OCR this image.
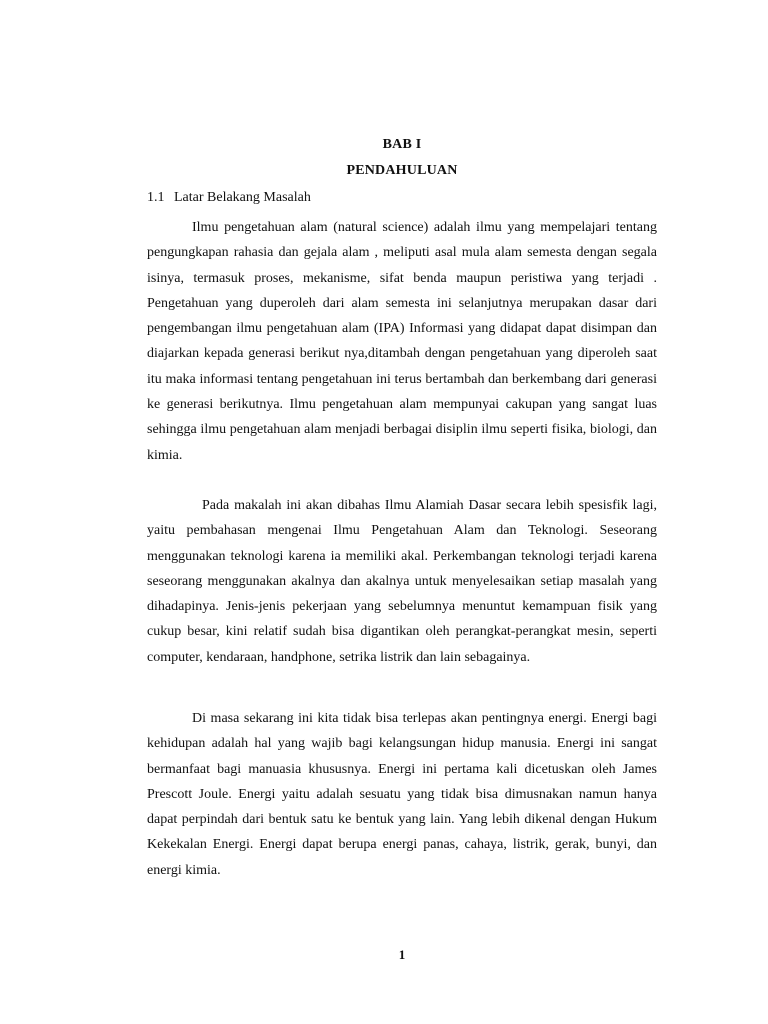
BAB I
PENDAHULUAN
1.1 Latar Belakang Masalah

Ilmu pengetahuan alam (natural science) adalah ilmu yang mempelajari tentang pengungkapan rahasia dan gejala alam , meliputi asal mula alam semesta dengan segala isinya, termasuk proses, mekanisme, sifat benda maupun peristiwa yang terjadi . Pengetahuan yang duperoleh dari alam semesta ini selanjutnya merupakan dasar dari pengembangan ilmu pengetahuan alam (IPA) Informasi yang didapat dapat disimpan dan diajarkan kepada generasi berikut nya,ditambah dengan pengetahuan yang diperoleh saat itu maka informasi tentang pengetahuan ini terus bertambah dan berkembang dari generasi ke generasi berikutnya. Ilmu pengetahuan alam mempunyai cakupan yang sangat luas sehingga ilmu pengetahuan alam menjadi berbagai disiplin ilmu seperti fisika, biologi, dan kimia.

Pada makalah ini akan dibahas Ilmu Alamiah Dasar secara lebih spesisfik lagi, yaitu pembahasan mengenai Ilmu Pengetahuan Alam dan Teknologi. Seseorang menggunakan teknologi karena ia memiliki akal. Perkembangan teknologi terjadi karena seseorang menggunakan akalnya dan akalnya untuk menyelesaikan setiap masalah yang dihadapinya. Jenis-jenis pekerjaan yang sebelumnya menuntut kemampuan fisik yang cukup besar, kini relatif sudah bisa digantikan oleh perangkat-perangkat mesin, seperti computer, kendaraan, handphone, setrika listrik dan lain sebagainya.

Di masa sekarang ini kita tidak bisa terlepas akan pentingnya energi. Energi bagi kehidupan adalah hal yang wajib bagi kelangsungan hidup manusia. Energi ini sangat bermanfaat bagi manuasia khususnya. Energi ini pertama kali dicetuskan oleh James Prescott Joule. Energi yaitu adalah sesuatu yang tidak bisa dimusnakan namun hanya dapat perpindah dari bentuk satu ke bentuk yang lain. Yang lebih dikenal dengan Hukum Kekekalan Energi. Energi dapat berupa energi panas, cahaya, listrik, gerak, bunyi, dan energi kimia.

1
